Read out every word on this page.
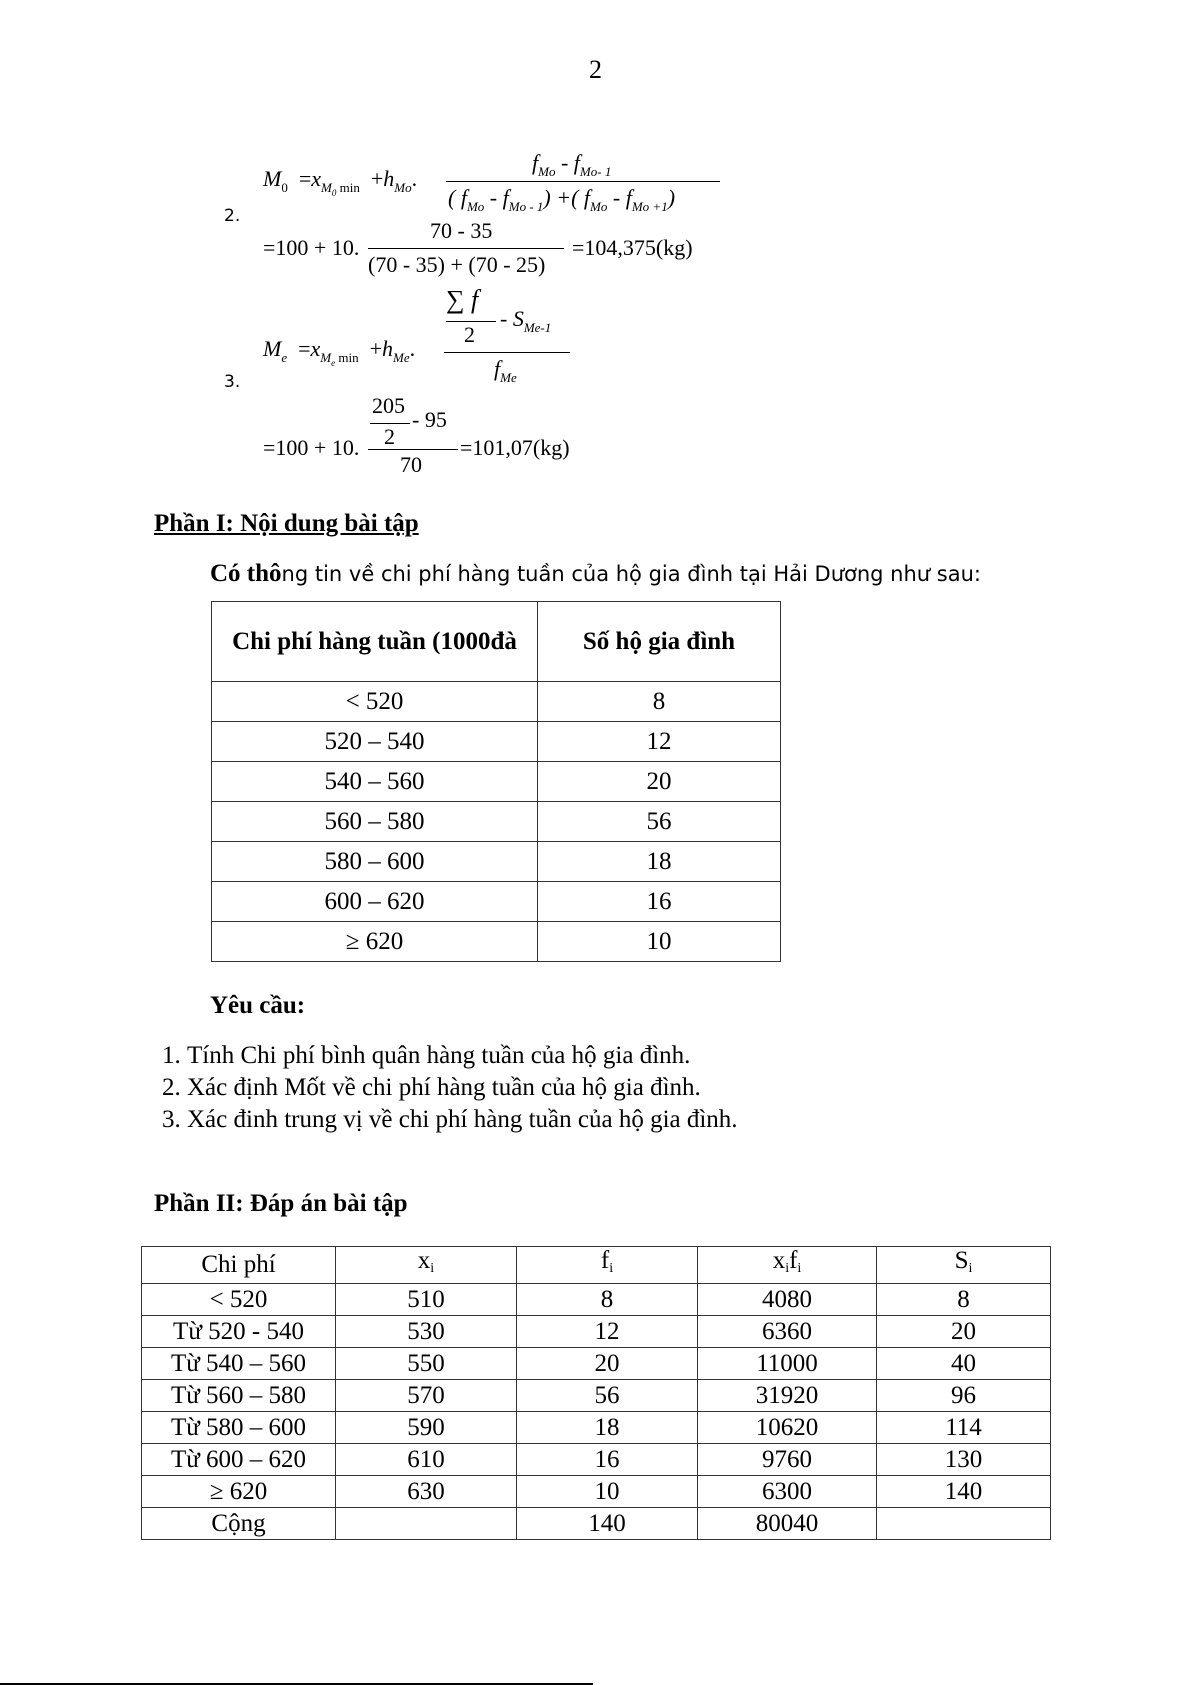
2
2.
$M_0 =x_{M_0 min} +h_{Mo}$.
$f_{Mo} - f_{Mo- 1}$
( $f_{Mo} - f_{Mo - 1}$) +( $f_{Mo} - f_{Mo +1}$)
=100 + 10.
70 - 35
(70 - 35) + (70 - 25)
=104,375(kg)
3.
$M_e =x_{M_e min} +h_{Me}$.
∑ f
2
- $S_{Me-1}$
$f_{Me}$
=100 + 10.
205
2
- 95
70
=101,07(kg)
Phần I: Nội dung bài tập
Có thông tin về chi phí hàng tuần của hộ gia đình tại Hải Dương như sau:
Chi phí hàng tuần (1000đà	Số hộ gia đình
< 520	8
520 – 540	12
540 – 560	20
560 – 580	56
580 – 600	18
600 – 620	16
≥ 620	10
Yêu cầu:
1. Tính Chi phí bình quân hàng tuần của hộ gia đình.
2. Xác định Mốt về chi phí hàng tuần của hộ gia đình.
3. Xác đinh trung vị về chi phí hàng tuần của hộ gia đình.
Phần II: Đáp án bài tập
Chi phí	xi	fi	xifi	Si
< 520	510	8	4080	8
Từ 520 - 540	530	12	6360	20
Từ 540 – 560	550	20	11000	40
Từ 560 – 580	570	56	31920	96
Từ 580 – 600	590	18	10620	114
Từ 600 – 620	610	16	9760	130
≥ 620	630	10	6300	140
Cộng		140	80040	
